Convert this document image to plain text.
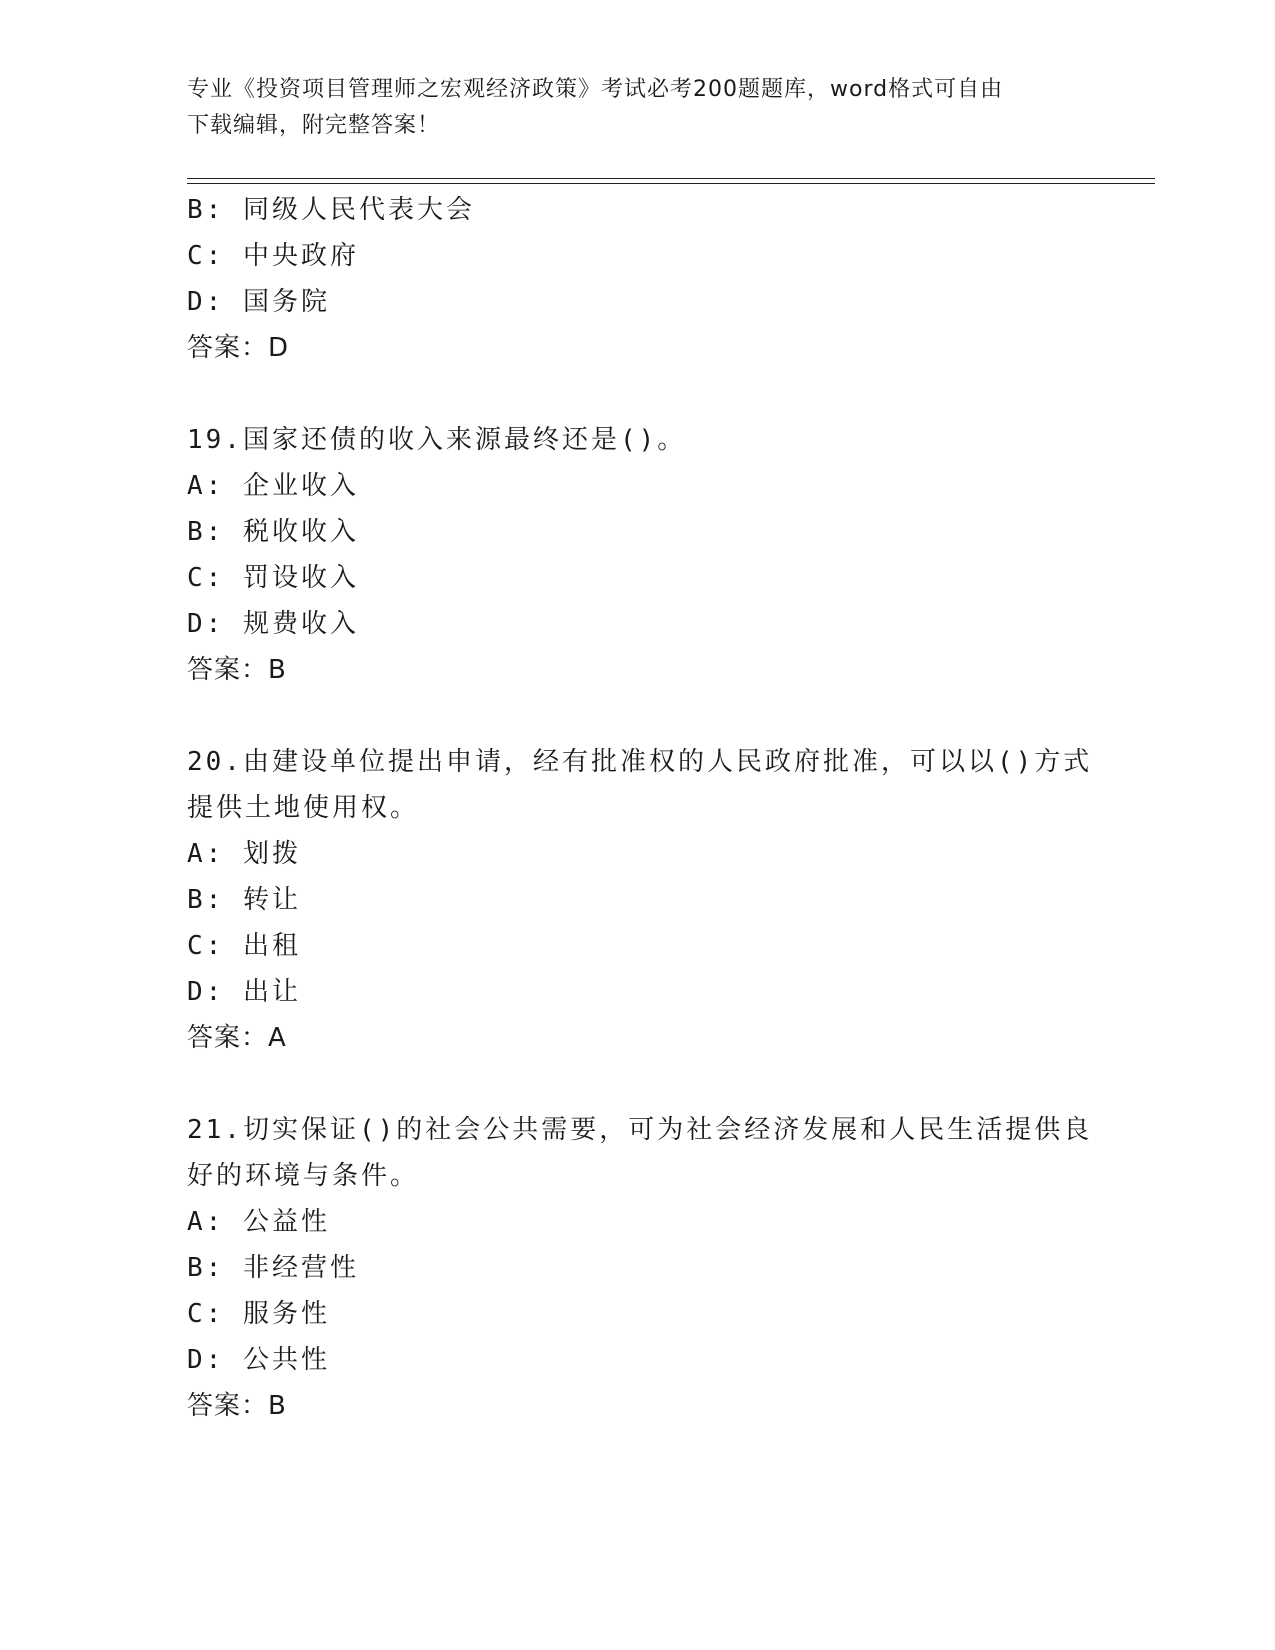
专业《投资项目管理师之宏观经济政策》考试必考200题题库，word格式可自由
下载编辑，附完整答案！
B: 同级人民代表大会
C: 中央政府
D: 国务院
答案：D
19.国家还债的收入来源最终还是()。
A: 企业收入
B: 税收收入
C: 罚设收入
D: 规费收入
答案：B
20.由建设单位提出申请，经有批准权的人民政府批准，可以以()方式
提供土地使用权。
A: 划拨
B: 转让
C: 出租
D: 出让
答案：A
21.切实保证()的社会公共需要，可为社会经济发展和人民生活提供良
好的环境与条件。
A: 公益性
B: 非经营性
C: 服务性
D: 公共性
答案：B
